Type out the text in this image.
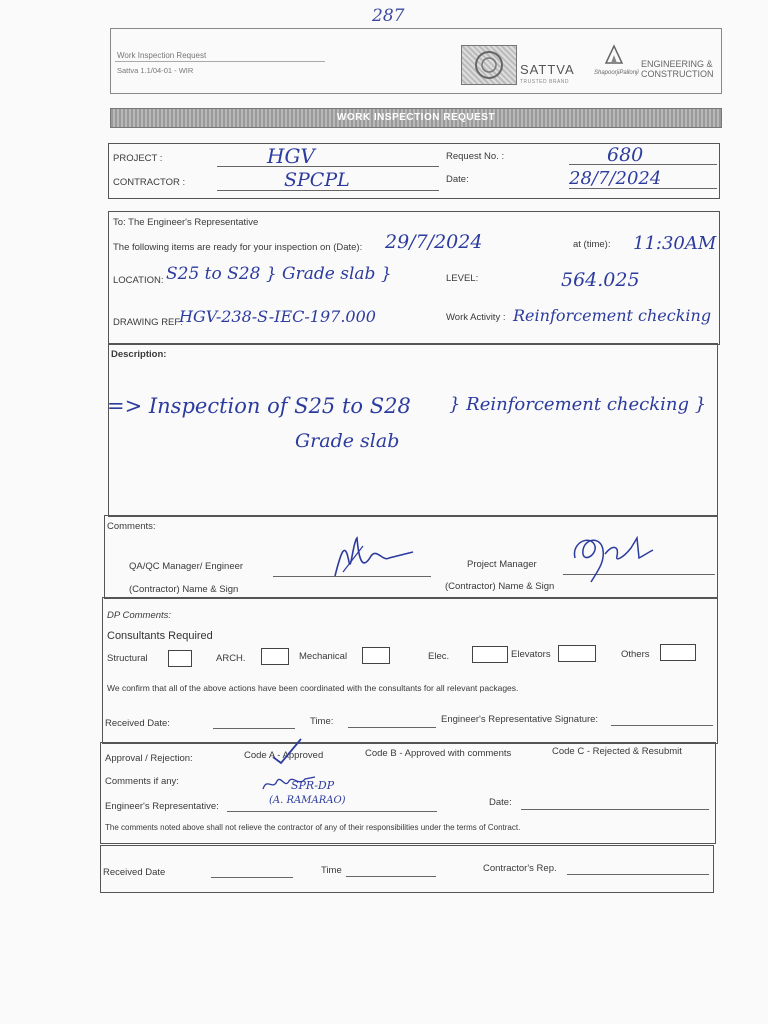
287
Work Inspection Request
Sattva 1.1/04-01 - WIR	SATTVA
TRUSTED BRAND
ShapoorjiPallonji
ENGINEERING &
CONSTRUCTION
WORK INSPECTION REQUEST
PROJECT :	HGV
CONTRACTOR :	SPCPL
Request No. :	680
Date:	28/7/2024
To: The Engineer's Representative
The following items are ready for your inspection on (Date): 29/7/2024	at (time): 11:30AM
LOCATION: S25 to S28 } Grade slab }	LEVEL:	564.025
DRAWING REF:
HGV-238-S-IEC-197.000	Work Activity : Reinforcement checking
Description:
=> Inspection of S25 to S28 } Reinforcement checking }
Grade slab
Comments:
QA/QC Manager/ Engineer
(Contractor) Name & Sign
Project Manager
(Contractor) Name & Sign
DP Comments:
Consultants Required
Structural	ARCH.	Mechanical	Elec.	Elevators	Others
We confirm that all of the above actions have been coordinated with the consultants for all relevant packages.
Received Date:	Time:	Engineer's Representative Signature:
Approval / Rejection:	Code A - Approved	Code B - Approved with comments	Code C - Rejected & Resubmit
Comments if any:
Engineer's Representative:
SPR-DP
(A. RAMARAO)	Date:
The comments noted above shall not relieve the contractor of any of their responsibilities under the terms of Contract.
Received Date	Time	Contractor's Rep.
